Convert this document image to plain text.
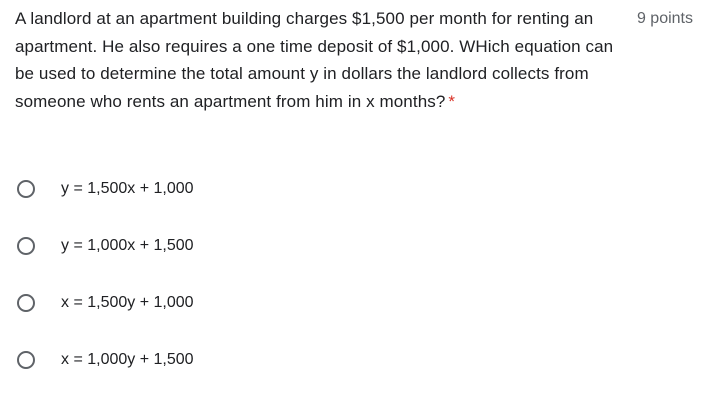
A landlord at an apartment building charges $1,500 per month for renting an apartment. He also requires a one time deposit of $1,000. WHich equation can be used to determine the total amount y in dollars the landlord collects from someone who rents an apartment from him in x months? *
9 points
y = 1,500x + 1,000
y = 1,000x + 1,500
x = 1,500y + 1,000
x = 1,000y + 1,500
